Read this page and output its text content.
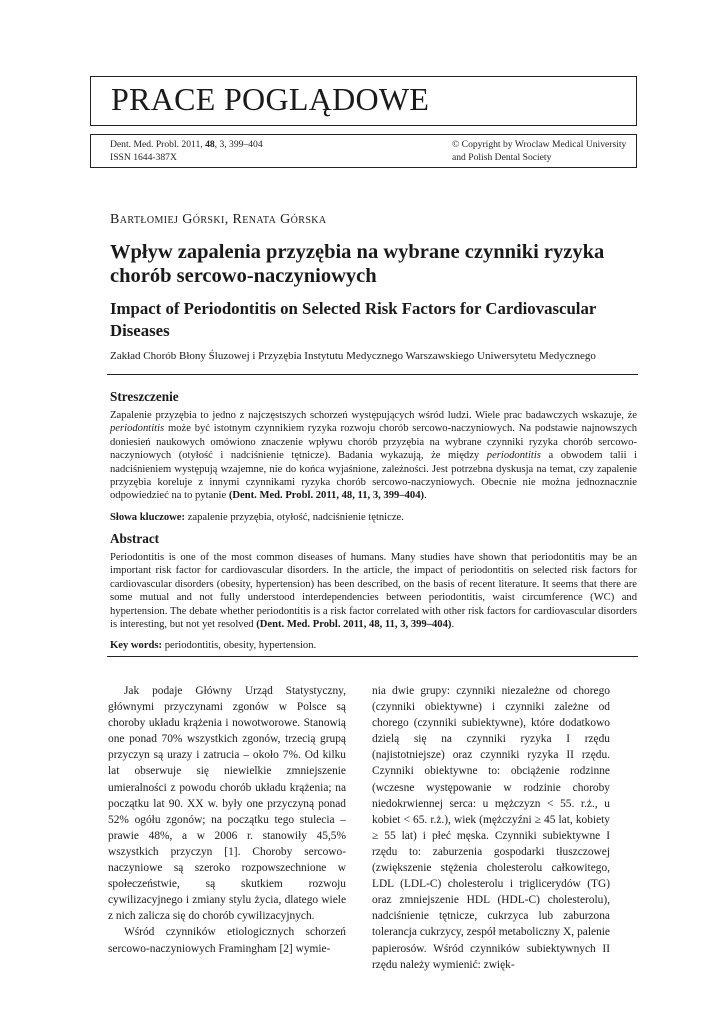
PRACE POGLĄDOWE
Dent. Med. Probl. 2011, 48, 3, 399–404
ISSN 1644-387X
© Copyright by Wroclaw Medical University
and Polish Dental Society
Bartłomiej Górski, Renata Górska
Wpływ zapalenia przyzębia na wybrane czynniki ryzyka chorób sercowo-naczyniowych
Impact of Periodontitis on Selected Risk Factors for Cardiovascular Diseases
Zakład Chorób Błony Śluzowej i Przyzębia Instytutu Medycznego Warszawskiego Uniwersytetu Medycznego
Streszczenie
Zapalenie przyzębia to jedno z najczęstszych schorzeń występujących wśród ludzi. Wiele prac badawczych wskazuje, że periodontitis może być istotnym czynnikiem ryzyka rozwoju chorób sercowo-naczyniowych. Na podstawie najnowszych doniesień naukowych omówiono znaczenie wpływu chorób przyzębia na wybrane czynniki ryzyka chorób sercowo-naczyniowych (otyłość i nadciśnienie tętnicze). Badania wykazują, że między periodontitis a obwodem talii i nadciśnieniem występują wzajemne, nie do końca wyjaśnione, zależności. Jest potrzebna dyskusja na temat, czy zapalenie przyzębia koreluje z innymi czynnikami ryzyka chorób sercowo-naczyniowych. Obecnie nie można jednoznacznie odpowiedzieć na to pytanie (Dent. Med. Probl. 2011, 48, 11, 3, 399–404).
Słowa kluczowe: zapalenie przyzębia, otyłość, nadciśnienie tętnicze.
Abstract
Periodontitis is one of the most common diseases of humans. Many studies have shown that periodontitis may be an important risk factor for cardiovascular disorders. In the article, the impact of periodontitis on selected risk factors for cardiovascular disorders (obesity, hypertension) has been described, on the basis of recent literature. It seems that there are some mutual and not fully understood interdependencies between periodontitis, waist circumference (WC) and hypertension. The debate whether periodontitis is a risk factor correlated with other risk factors for cardiovascular disorders is interesting, but not yet resolved (Dent. Med. Probl. 2011, 48, 11, 3, 399–404).
Key words: periodontitis, obesity, hypertension.

Jak podaje Główny Urząd Statystyczny, głównymi przyczynami zgonów w Polsce są choroby układu krążenia i nowotworowe. Stanowią one ponad 70% wszystkich zgonów, trzecią grupą przyczyn są urazy i zatrucia – około 7%. Od kilku lat obserwuje się niewielkie zmniejszenie umieralności z powodu chorób układu krążenia; na początku lat 90. XX w. były one przyczyną ponad 52% ogółu zgonów; na początku tego stulecia – prawie 48%, a w 2006 r. stanowiły 45,5% wszystkich przyczyn [1]. Choroby sercowo-naczyniowe są szeroko rozpowszechnione w społeczeństwie, są skutkiem rozwoju cywilizacyjnego i zmiany stylu życia, dlatego wiele z nich zalicza się do chorób cywilizacyjnych.

Wśród czynników etiologicznych schorzeń sercowo-naczyniowych Framingham [2] wymie-

nia dwie grupy: czynniki niezależne od chorego (czynniki obiektywne) i czynniki zależne od chorego (czynniki subiektywne), które dodatkowo dzielą się na czynniki ryzyka I rzędu (najistotniejsze) oraz czynniki ryzyka II rzędu. Czynniki obiektywne to: obciążenie rodzinne (wczesne występowanie w rodzinie choroby niedokrwiennej serca: u mężczyzn < 55. r.ż., u kobiet < 65. r.ż.), wiek (mężczyźni ≥ 45 lat, kobiety ≥ 55 lat) i płeć męska. Czynniki subiektywne I rzędu to: zaburzenia gospodarki tłuszczowej (zwiększenie stężenia cholesterolu całkowitego, LDL (LDL-C) cholesterolu i triglicerydów (TG) oraz zmniejszenie HDL (HDL-C) cholesterolu), nadciśnienie tętnicze, cukrzyca lub zaburzona tolerancja cukrzycy, zespół metaboliczny X, palenie papierosów. Wśród czynników subiektywnych II rzędu należy wymienić: zwięk-
